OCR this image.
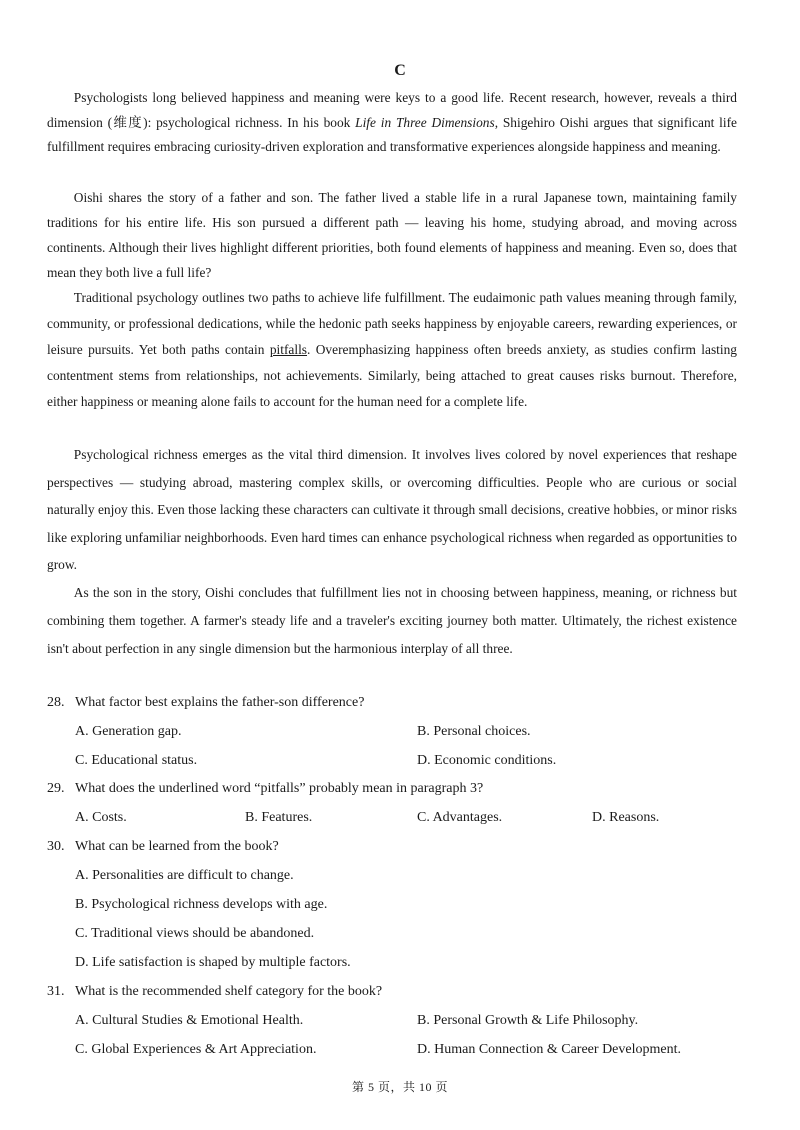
C

Psychologists long believed happiness and meaning were keys to a good life. Recent research, however, reveals a third dimension (维度): psychological richness. In his book Life in Three Dimensions, Shigehiro Oishi argues that significant life fulfillment requires embracing curiosity-driven exploration and transformative experiences alongside happiness and meaning.

Oishi shares the story of a father and son. The father lived a stable life in a rural Japanese town, maintaining family traditions for his entire life. His son pursued a different path — leaving his home, studying abroad, and moving across continents. Although their lives highlight different priorities, both found elements of happiness and meaning. Even so, does that mean they both live a full life?

Traditional psychology outlines two paths to achieve life fulfillment. The eudaimonic path values meaning through family, community, or professional dedications, while the hedonic path seeks happiness by enjoyable careers, rewarding experiences, or leisure pursuits. Yet both paths contain pitfalls. Overemphasizing happiness often breeds anxiety, as studies confirm lasting contentment stems from relationships, not achievements. Similarly, being attached to great causes risks burnout. Therefore, either happiness or meaning alone fails to account for the human need for a complete life.

Psychological richness emerges as the vital third dimension. It involves lives colored by novel experiences that reshape perspectives — studying abroad, mastering complex skills, or overcoming difficulties. People who are curious or social naturally enjoy this. Even those lacking these characters can cultivate it through small decisions, creative hobbies, or minor risks like exploring unfamiliar neighborhoods. Even hard times can enhance psychological richness when regarded as opportunities to grow.

As the son in the story, Oishi concludes that fulfillment lies not in choosing between happiness, meaning, or richness but combining them together. A farmer's steady life and a traveler's exciting journey both matter. Ultimately, the richest existence isn't about perfection in any single dimension but the harmonious interplay of all three.

28. What factor best explains the father-son difference?
A. Generation gap.	B. Personal choices.
C. Educational status.	D. Economic conditions.
29. What does the underlined word “pitfalls” probably mean in paragraph 3?
A. Costs.	B. Features.	C. Advantages.	D. Reasons.
30. What can be learned from the book?
A. Personalities are difficult to change.
B. Psychological richness develops with age.
C. Traditional views should be abandoned.
D. Life satisfaction is shaped by multiple factors.
31. What is the recommended shelf category for the book?
A. Cultural Studies & Emotional Health.	B. Personal Growth & Life Philosophy.
C. Global Experiences & Art Appreciation.	D. Human Connection & Career Development.
第 5 页，共 10 页
